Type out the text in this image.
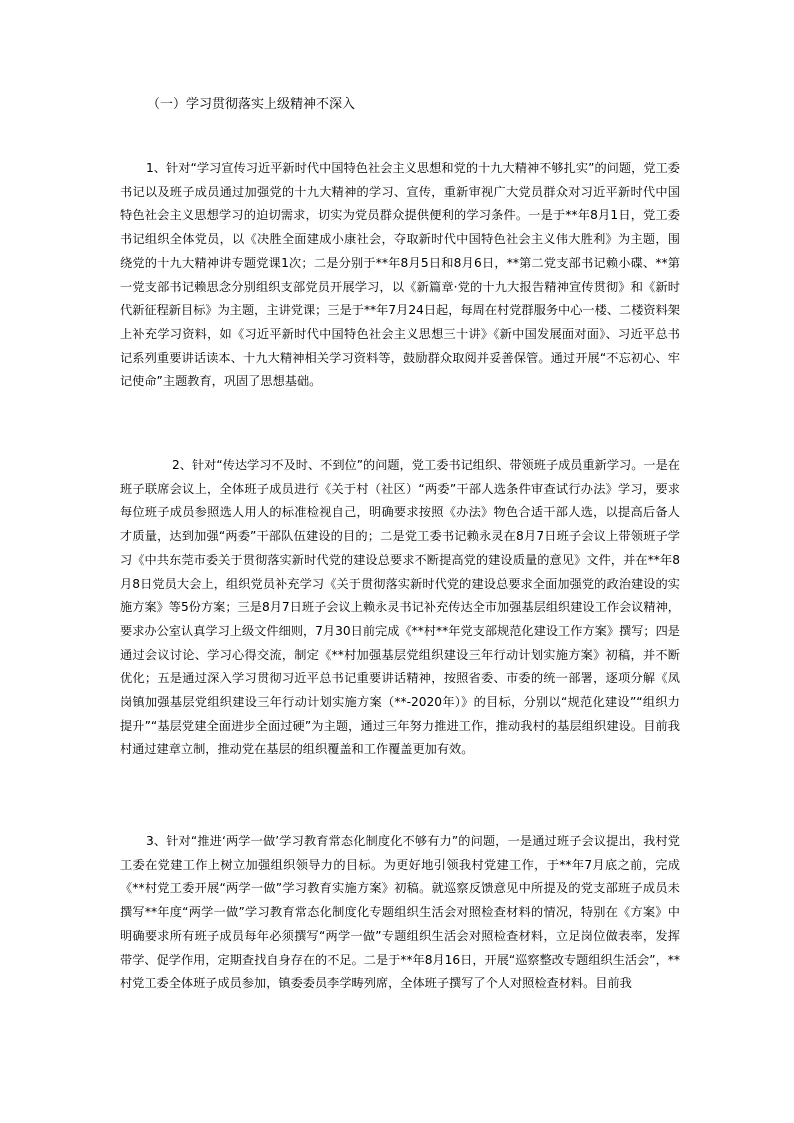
（一）学习贯彻落实上级精神不深入

1、针对“学习宣传习近平新时代中国特色社会主义思想和党的十九大精神不够扎实”的问题，党工委书记以及班子成员通过加强党的十九大精神的学习、宣传，重新审视广大党员群众对习近平新时代中国特色社会主义思想学习的迫切需求，切实为党员群众提供便利的学习条件。一是于**年8月1日，党工委书记组织全体党员，以《决胜全面建成小康社会，夺取新时代中国特色社会主义伟大胜利》为主题，围绕党的十九大精神讲专题党课1次；二是分别于**年8月5日和8月6日，**第二党支部书记赖小碟、**第一党支部书记赖思念分别组织支部党员开展学习，以《新篇章·党的十九大报告精神宣传贯彻》和《新时代新征程新目标》为主题，主讲党课；三是于**年7月24日起，每周在村党群服务中心一楼、二楼资料架上补充学习资料，如《习近平新时代中国特色社会主义思想三十讲》《新中国发展面对面》、习近平总书记系列重要讲话读本、十九大精神相关学习资料等，鼓励群众取阅并妥善保管。通过开展“不忘初心、牢记使命”主题教育，巩固了思想基础。

2、针对“传达学习不及时、不到位”的问题，党工委书记组织、带领班子成员重新学习。一是在班子联席会议上，全体班子成员进行《关于村（社区）“两委”干部人选条件审查试行办法》学习，要求每位班子成员参照选人用人的标准检视自己，明确要求按照《办法》物色合适干部人选，以提高后备人才质量，达到加强“两委”干部队伍建设的目的；二是党工委书记赖永灵在8月7日班子会议上带领班子学习《中共东莞市委关于贯彻落实新时代党的建设总要求不断提高党的建设质量的意见》文件，并在**年8月8日党员大会上，组织党员补充学习《关于贯彻落实新时代党的建设总要求全面加强党的政治建设的实施方案》等5份方案；三是8月7日班子会议上赖永灵书记补充传达全市加强基层组织建设工作会议精神，要求办公室认真学习上级文件细则，7月30日前完成《**村**年党支部规范化建设工作方案》撰写；四是通过会议讨论、学习心得交流，制定《**村加强基层党组织建设三年行动计划实施方案》初稿，并不断优化；五是通过深入学习贯彻习近平总书记重要讲话精神，按照省委、市委的统一部署，逐项分解《凤岗镇加强基层党组织建设三年行动计划实施方案（**-2020年）》的目标，分别以“规范化建设”“组织力提升”“基层党建全面进步全面过硬”为主题，通过三年努力推进工作，推动我村的基层组织建设。目前我村通过建章立制，推动党在基层的组织覆盖和工作覆盖更加有效。

3、针对“推进‘两学一做’学习教育常态化制度化不够有力”的问题，一是通过班子会议提出，我村党工委在党建工作上树立加强组织领导力的目标。为更好地引领我村党建工作，于**年7月底之前，完成《**村党工委开展“两学一做”学习教育实施方案》初稿。就巡察反馈意见中所提及的党支部班子成员未撰写**年度“两学一做”学习教育常态化制度化专题组织生活会对照检查材料的情况，特别在《方案》中明确要求所有班子成员每年必须撰写“两学一做”专题组织生活会对照检查材料，立足岗位做表率，发挥带学、促学作用，定期查找自身存在的不足。二是于**年8月16日，开展“巡察整改专题组织生活会”，**村党工委全体班子成员参加，镇委委员李学畴列席，全体班子撰写了个人对照检查材料。目前我
